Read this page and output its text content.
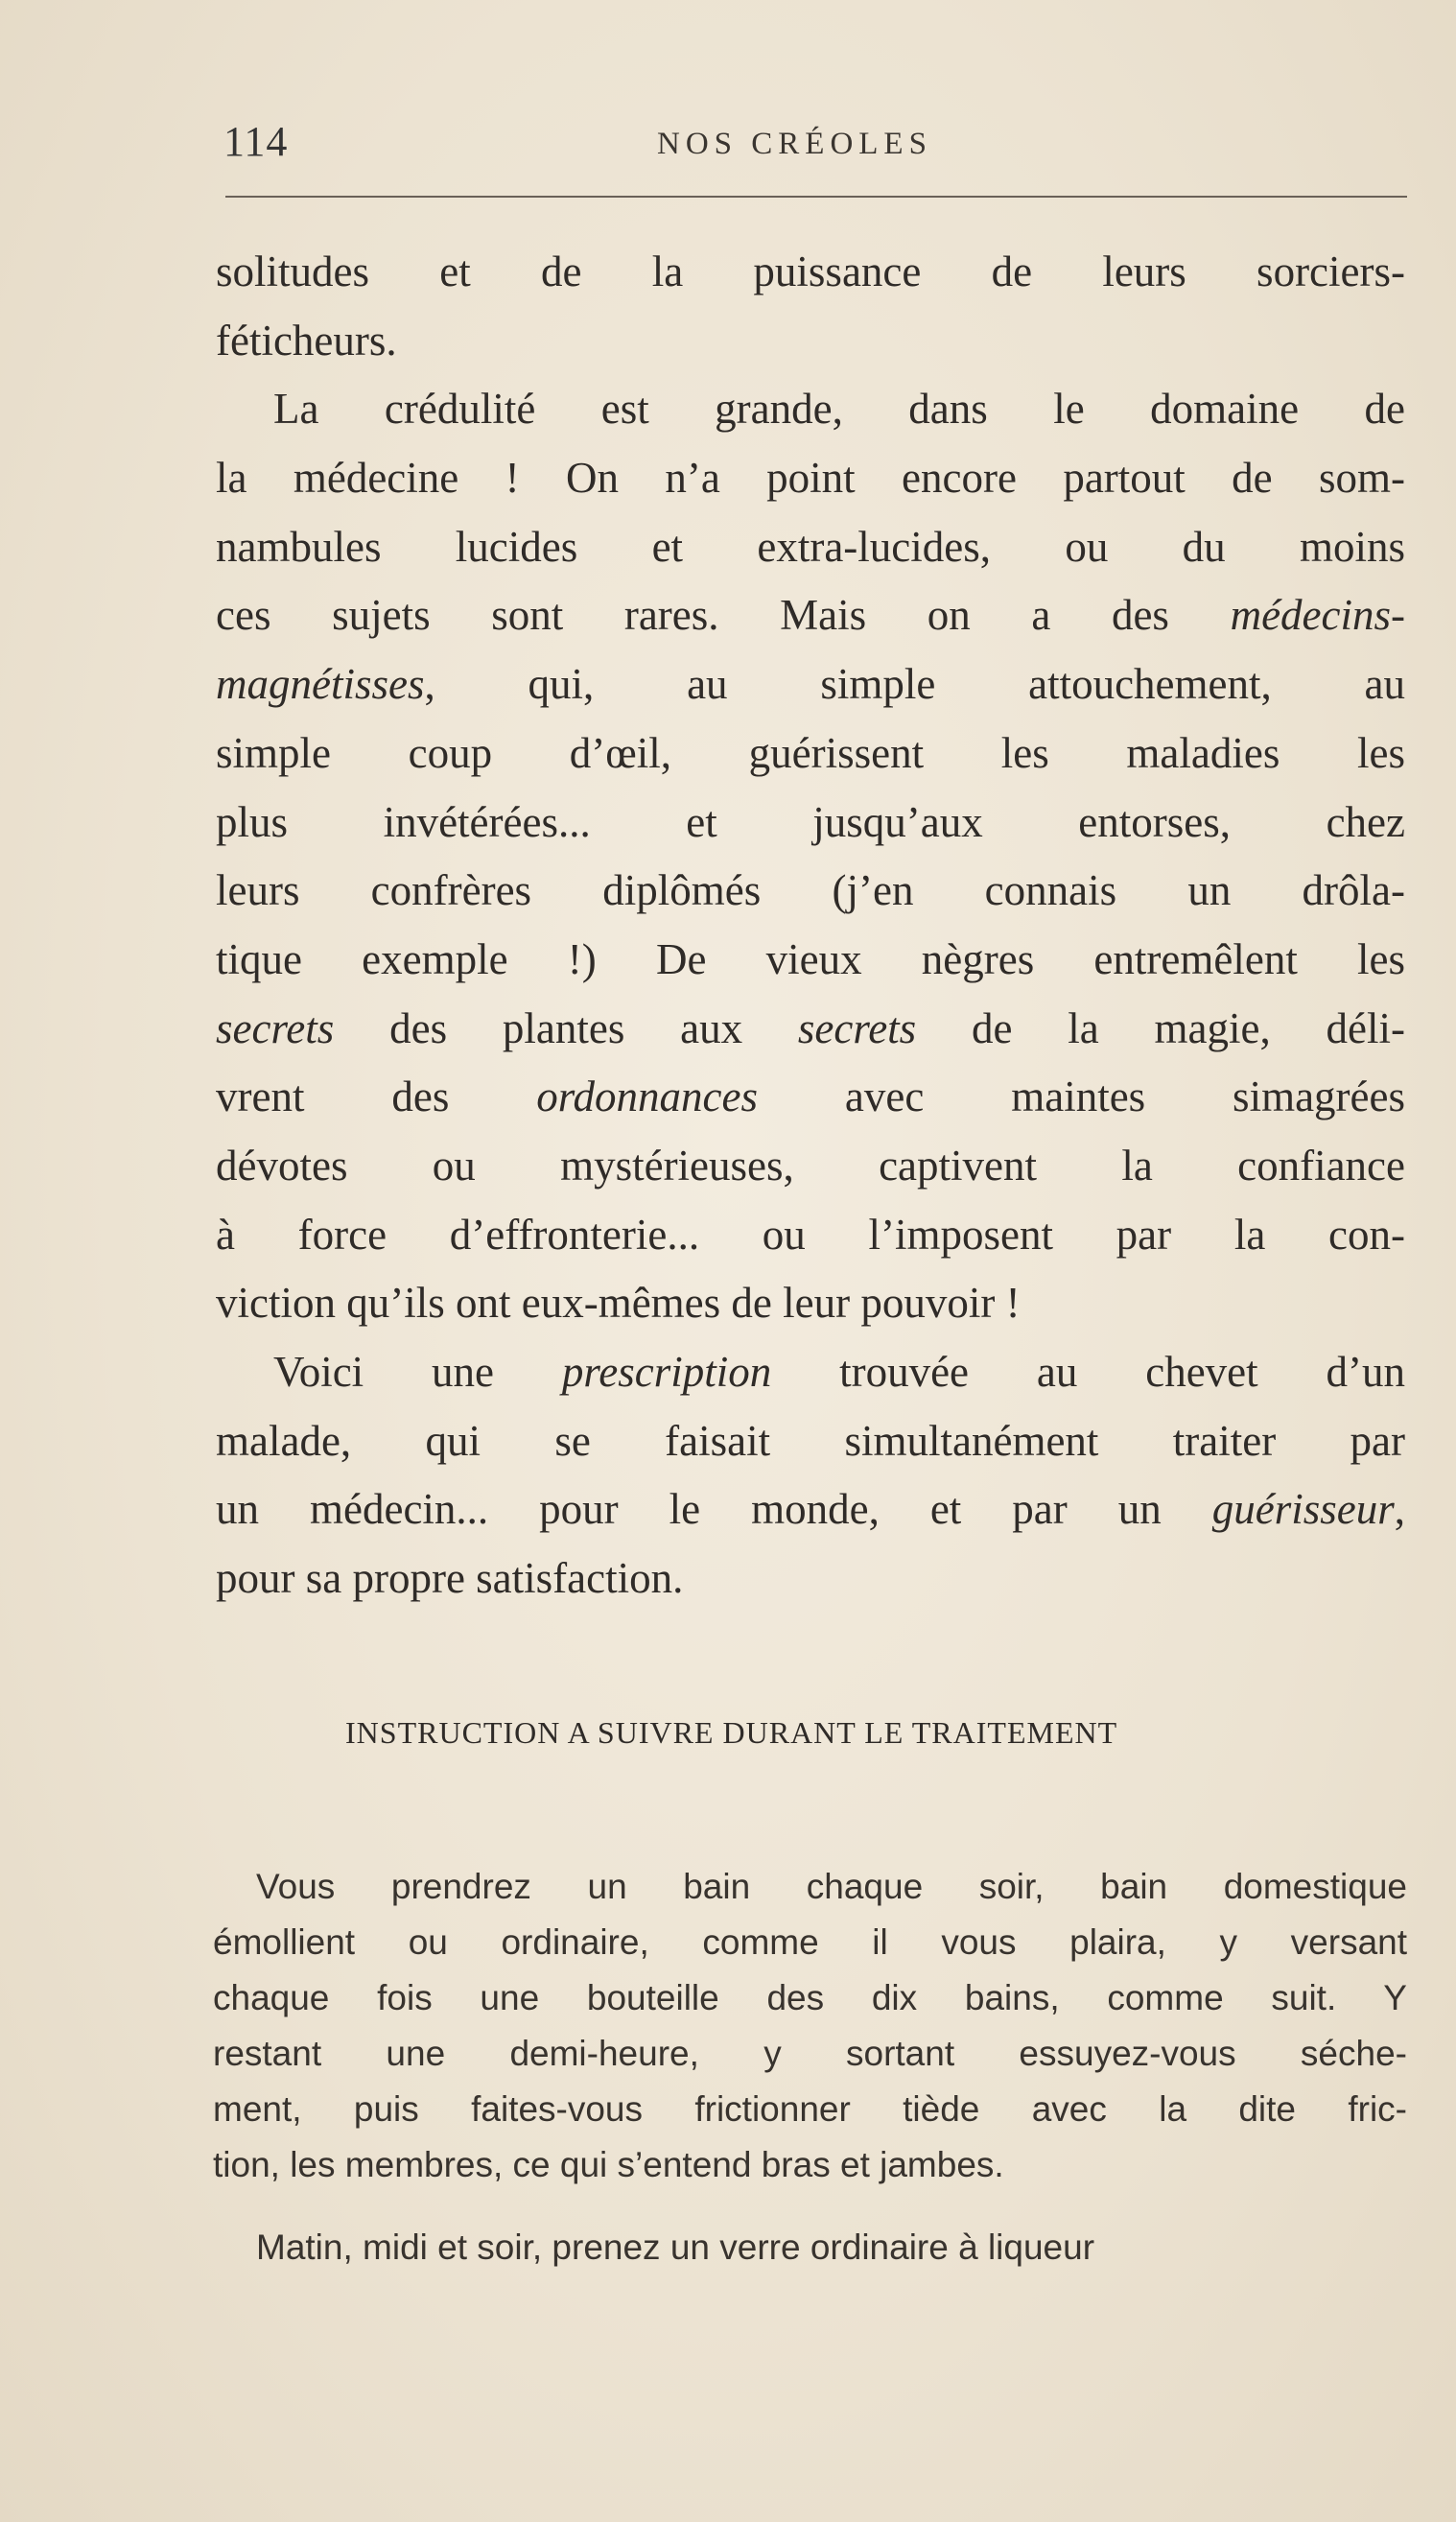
114	NOS CRÉOLES
solitudes et de la puissance de leurs sorciers-
féticheurs.
La crédulité est grande, dans le domaine de
la médecine ! On n’a point encore partout de som-
nambules lucides et extra-lucides, ou du moins
ces sujets sont rares. Mais on a des médecins-
magnétisses, qui, au simple attouchement, au
simple coup d’œil, guérissent les maladies les
plus invétérées... et jusqu’aux entorses, chez
leurs confrères diplômés (j’en connais un drôla-
tique exemple !) De vieux nègres entremêlent les
secrets des plantes aux secrets de la magie, déli-
vrent des ordonnances avec maintes simagrées
dévotes ou mystérieuses, captivent la confiance
à force d’effronterie... ou l’imposent par la con-
viction qu’ils ont eux-mêmes de leur pouvoir !
Voici une prescription trouvée au chevet d’un
malade, qui se faisait simultanément traiter par
un médecin... pour le monde, et par un guérisseur,
pour sa propre satisfaction.
INSTRUCTION A SUIVRE DURANT LE TRAITEMENT
Vous prendrez un bain chaque soir, bain domestique
émollient ou ordinaire, comme il vous plaira, y versant
chaque fois une bouteille des dix bains, comme suit. Y
restant une demi-heure, y sortant essuyez-vous séche-
ment, puis faites-vous frictionner tiède avec la dite fric-
tion, les membres, ce qui s’entend bras et jambes.
Matin, midi et soir, prenez un verre ordinaire à liqueur
